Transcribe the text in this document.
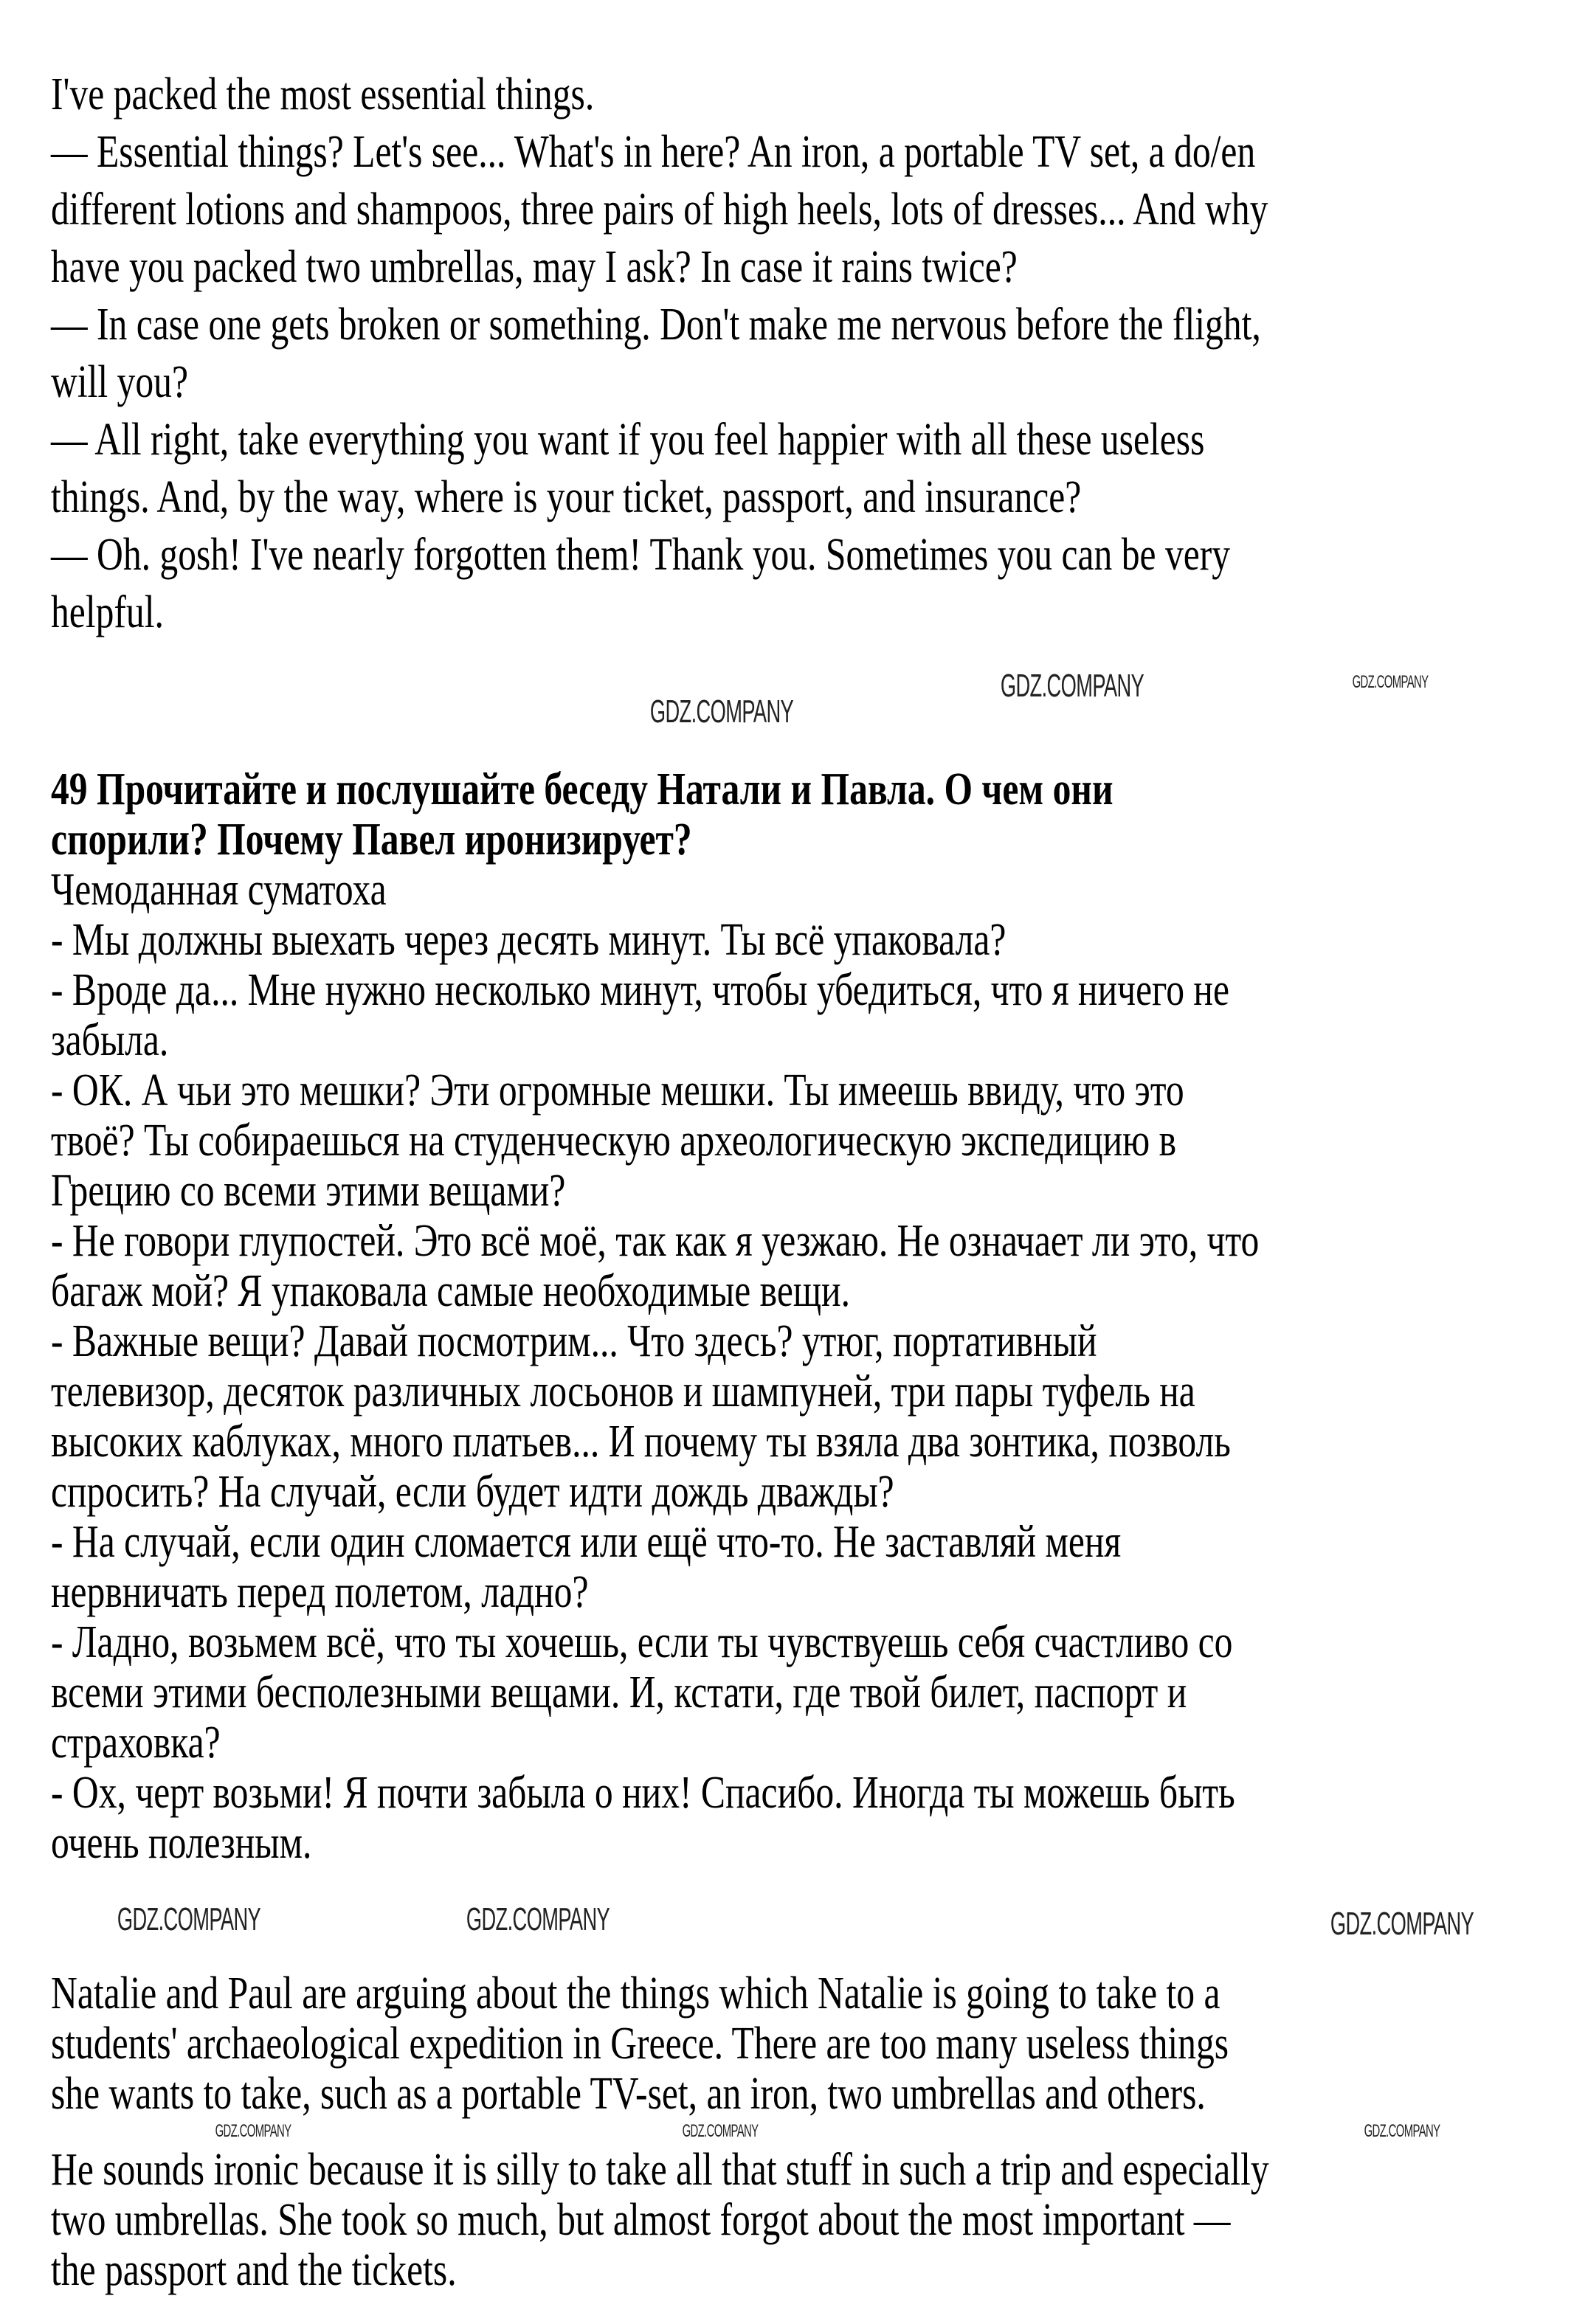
I've packed the most essential things.
— Essential things? Let's see... What's in here? An iron, a portable TV set, a do/en
different lotions and shampoos, three pairs of high heels, lots of dresses... And why
have you packed two umbrellas, may I ask? In case it rains twice?
— In case one gets broken or something. Don't make me nervous before the flight,
will you?
— All right, take everything you want if you feel happier with all these useless
things. And, by the way, where is your ticket, passport, and insurance?
— Oh. gosh! I've nearly forgotten them! Thank you. Sometimes you can be very
helpful.
49 Прочитайте и послушайте беседу Натали и Павла. О чем они
спорили? Почему Павел иронизирует?
Чемоданная суматоха
- Мы должны выехать через десять минут. Ты всё упаковала?
- Вроде да... Мне нужно несколько минут, чтобы убедиться, что я ничего не
забыла.
- ОК. А чьи это мешки? Эти огромные мешки. Ты имеешь ввиду, что это
твоё? Ты собираешься на студенческую археологическую экспедицию в
Грецию со всеми этими вещами?
- Не говори глупостей. Это всё моё, так как я уезжаю. Не означает ли это, что
багаж мой? Я упаковала самые необходимые вещи.
- Важные вещи? Давай посмотрим... Что здесь? утюг, портативный
телевизор, десяток различных лосьонов и шампуней, три пары туфель на
высоких каблуках, много платьев... И почему ты взяла два зонтика, позволь
спросить? На случай, если будет идти дождь дважды?
- На случай, если один сломается или ещё что-то. Не заставляй меня
нервничать перед полетом, ладно?
- Ладно, возьмем всё, что ты хочешь, если ты чувствуешь себя счастливо со
всеми этими бесполезными вещами. И, кстати, где твой билет, паспорт и
страховка?
- Ох, черт возьми! Я почти забыла о них! Спасибо. Иногда ты можешь быть
очень полезным.
Natalie and Paul are arguing about the things which Natalie is going to take to a
students' archaeological expedition in Greece. There are too many useless things
she wants to take, such as a portable TV-set, an iron, two umbrellas and others.
He sounds ironic because it is silly to take all that stuff in such a trip and especially
two umbrellas. She took so much, but almost forgot about the most important —
the passport and the tickets.
GDZ.COMPANY
GDZ.COMPANY
GDZ.COMPANY
GDZ.COMPANY	GDZ.COMPANY	GDZ.COMPANY
GDZ.COMPANY	GDZ.COMPANY	GDZ.COMPANY
